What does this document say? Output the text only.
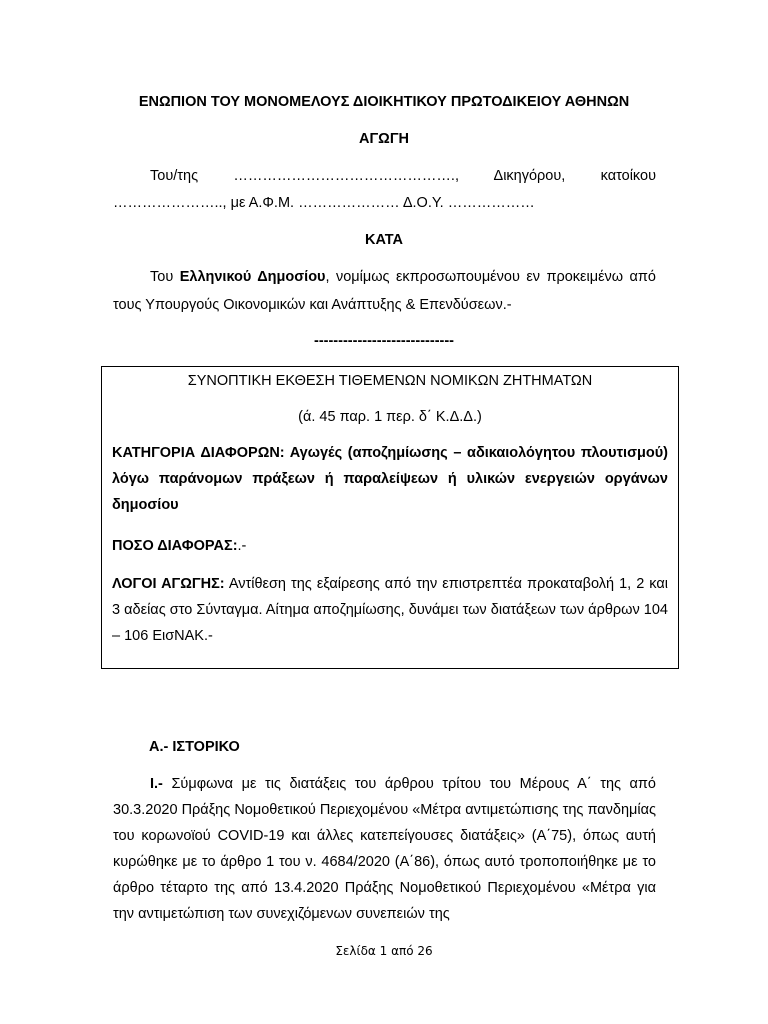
ΕΝΩΠΙΟΝ ΤΟΥ ΜΟΝΟΜΕΛΟΥΣ ΔΙΟΙΚΗΤΙΚΟΥ ΠΡΩΤΟΔΙΚΕΙΟΥ ΑΘΗΝΩΝ
ΑΓΩΓΗ
Του/της ………………………………………., Δικηγόρου, κατοίκου ………………….., με Α.Φ.Μ. ………………… Δ.Ο.Υ. ………………
ΚΑΤΑ
Του Ελληνικού Δημοσίου, νομίμως εκπροσωπουμένου εν προκειμένω από τους Υπουργούς Οικονομικών και Ανάπτυξης & Επενδύσεων.-
-----------------------------
ΣΥΝΟΠΤΙΚΗ ΕΚΘΕΣΗ ΤΙΘΕΜΕΝΩΝ ΝΟΜΙΚΩΝ ΖΗΤΗΜΑΤΩΝ
(ά. 45 παρ. 1 περ. δ΄ Κ.Δ.Δ.)
ΚΑΤΗΓΟΡΙΑ ΔΙΑΦΟΡΩΝ: Αγωγές (αποζημίωσης – αδικαιολόγητου πλουτισμού) λόγω παράνομων πράξεων ή παραλείψεων ή υλικών ενεργειών οργάνων δημοσίου
ΠΟΣΟ ΔΙΑΦΟΡΑΣ:.-
ΛΟΓΟΙ ΑΓΩΓΗΣ: Αντίθεση της εξαίρεσης από την επιστρεπτέα προκαταβολή 1, 2 και 3 αδείας στο Σύνταγμα. Αίτημα αποζημίωσης, δυνάμει των διατάξεων των άρθρων 104 – 106 ΕισΝΑΚ.-
Α.- ΙΣΤΟΡΙΚΟ
Ι.- Σύμφωνα με τις διατάξεις του άρθρου τρίτου του Μέρους Α΄ της από 30.3.2020 Πράξης Νομοθετικού Περιεχομένου «Μέτρα αντιμετώπισης της πανδημίας του κορωνοϊού COVID-19 και άλλες κατεπείγουσες διατάξεις» (Α΄75), όπως αυτή κυρώθηκε με το άρθρο 1 του ν. 4684/2020 (Α΄86), όπως αυτό τροποποιήθηκε με το άρθρο τέταρτο της από 13.4.2020 Πράξης Νομοθετικού Περιεχομένου «Μέτρα για την αντιμετώπιση των συνεχιζόμενων συνεπειών της
Σελίδα 1 από 26
